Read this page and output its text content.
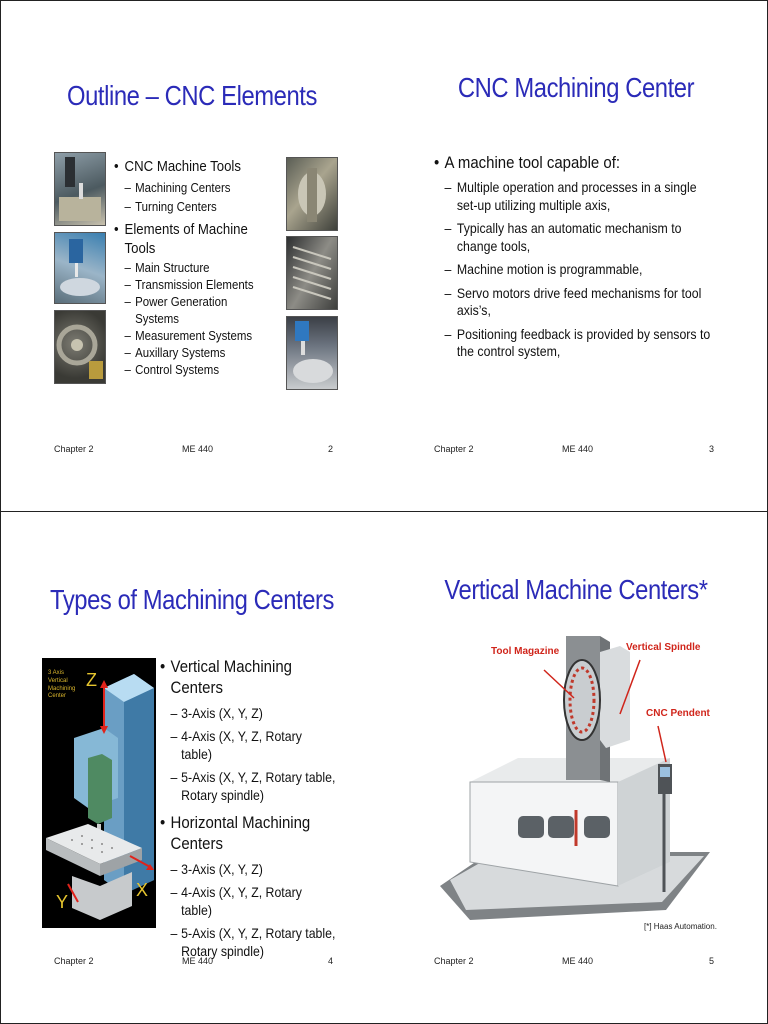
Outline – CNC Elements
• CNC Machine Tools
– Machining Centers
– Turning Centers
• Elements of Machine Tools
– Main Structure
– Transmission Elements
– Power Generation Systems
– Measurement Systems
– Auxillary Systems
– Control Systems
Chapter 2	ME 440	2
CNC Machining Center
• A machine tool capable of:
– Multiple operation and processes in a single set-up utilizing multiple axis,
– Typically has an automatic mechanism to change tools,
– Machine motion is programmable,
– Servo motors drive feed mechanisms for tool axis’s,
– Positioning feedback is provided by sensors to the control system,
Chapter 2	ME 440	3
Types of Machining Centers
3 Axis Vertical Machining Center
Z
Y
X
• Vertical Machining Centers
– 3-Axis (X, Y, Z)
– 4-Axis (X, Y, Z, Rotary table)
– 5-Axis (X, Y, Z, Rotary table, Rotary spindle)
• Horizontal Machining Centers
– 3-Axis (X, Y, Z)
– 4-Axis (X, Y, Z, Rotary table)
– 5-Axis (X, Y, Z, Rotary table, Rotary spindle)
Chapter 2	ME 440	4
Vertical Machine Centers*
Tool Magazine	Vertical Spindle
CNC Pendent
[*] Haas Automation.
Chapter 2	ME 440	5
